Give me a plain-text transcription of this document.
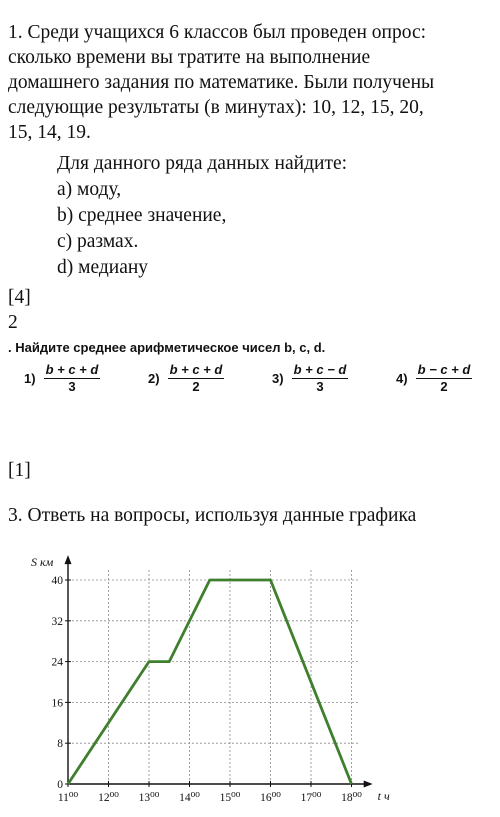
1. Среди учащихся 6 классов был проведен опрос:
сколько времени вы тратите на выполнение
домашнего задания по математике. Были получены
следующие результаты (в минутах): 10, 12, 15, 20,
15, 14, 19.
Для данного ряда данных найдите:
а) моду,
b) среднее значение,
с) размах.
d) медиану
[4]
2
. Найдите среднее арифметическое чисел b, c, d.
$1) \frac{b + c + d}{3}$	$2) \frac{b + c + d}{2}$	$3) \frac{b + c - d}{3}$	$4) \frac{b - c + d}{2}$
[1]
3. Ответь на вопросы, используя данные графика
S км
t ч
0
8
16
24
32
40
11⁰⁰ 12⁰⁰ 13⁰⁰ 14⁰⁰ 15⁰⁰ 16⁰⁰ 17⁰⁰ 18⁰⁰
